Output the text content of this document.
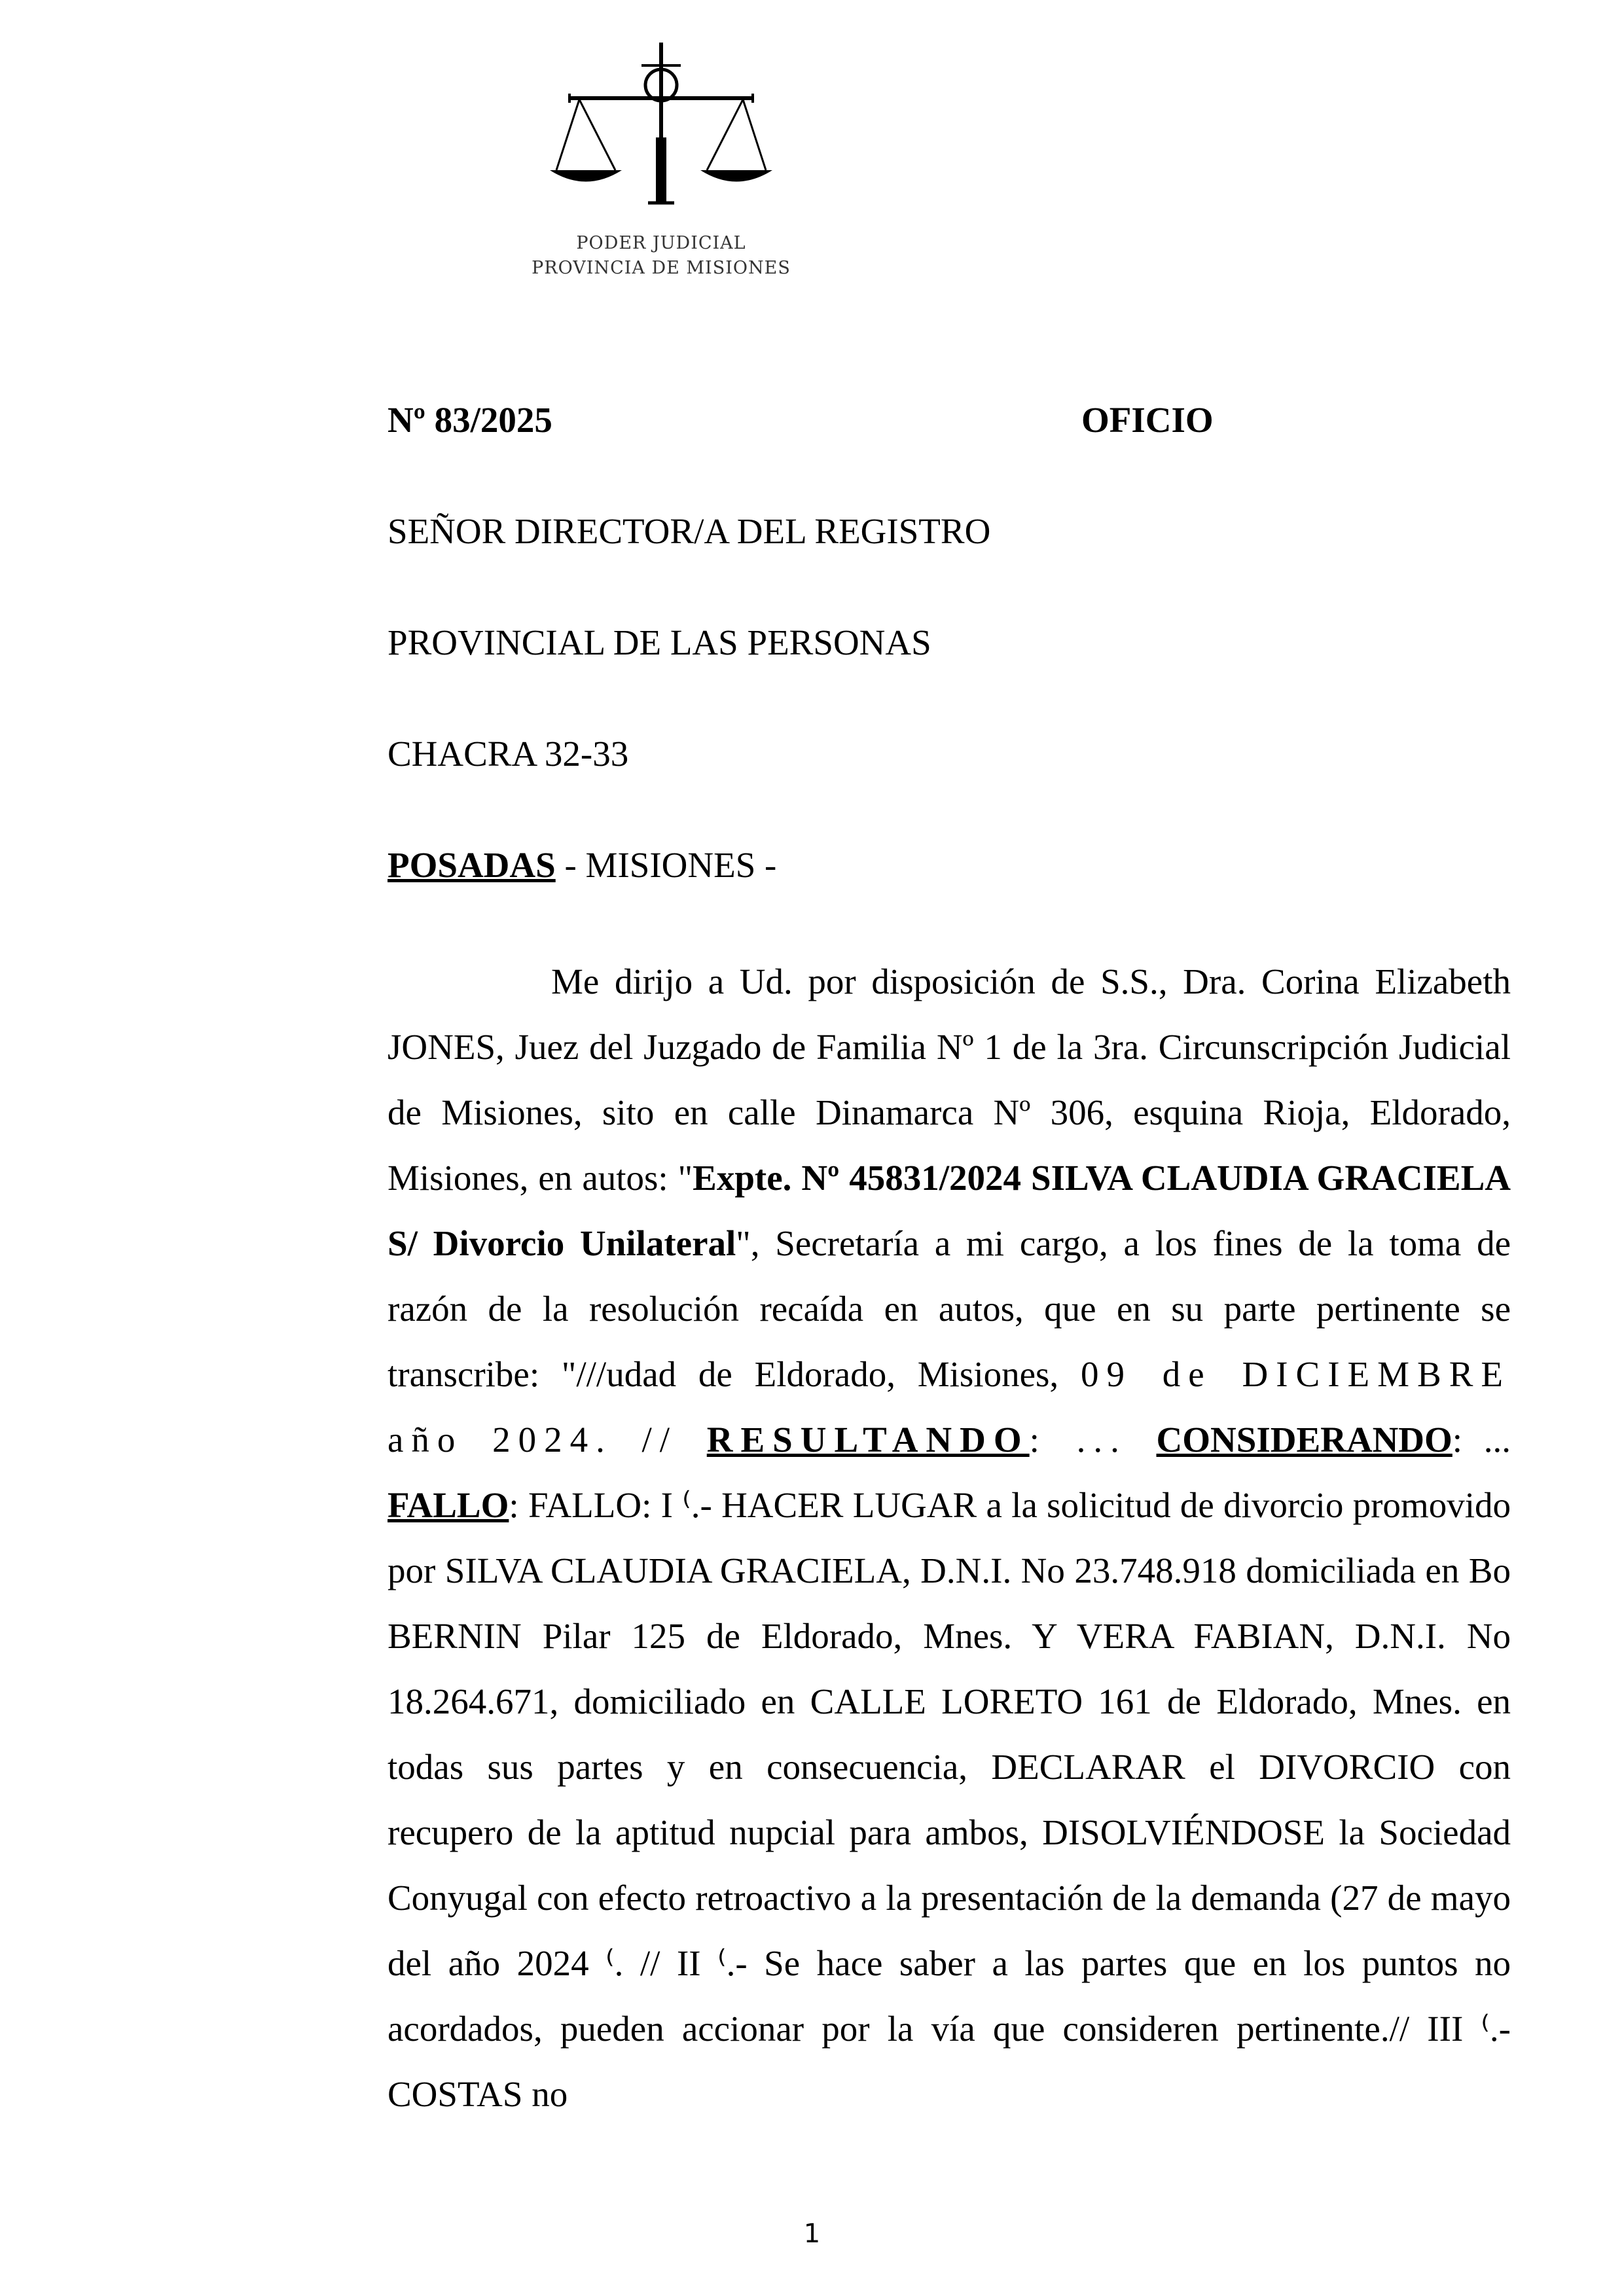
PODER JUDICIAL
PROVINCIA DE MISIONES
Nº 83/2025	OFICIO
SEÑOR DIRECTOR/A DEL REGISTRO
PROVINCIAL DE LAS PERSONAS
CHACRA 32-33
POSADAS - MISIONES -
Me dirijo a Ud. por disposición de S.S., Dra. Corina Elizabeth JONES, Juez del Juzgado de Familia Nº 1 de la 3ra. Circunscripción Judicial de Misiones, sito en calle Dinamarca Nº 306, esquina Rioja, Eldorado, Misiones, en autos: "Expte. Nº 45831/2024 SILVA CLAUDIA GRACIELA S/ Divorcio Unilateral", Secretaría a mi cargo, a los fines de la toma de razón de la resolución recaída en autos, que en su parte pertinente se transcribe: "///udad de Eldorado, Misiones, 09 de DICIEMBRE año 2024. // RESULTANDO: ... CONSIDERANDO: ... FALLO: FALLO: I ⁽.- HACER LUGAR a la solicitud de divorcio promovido por SILVA CLAUDIA GRACIELA, D.N.I. No 23.748.918 domiciliada en Bo BERNIN Pilar 125 de Eldorado, Mnes. Y VERA FABIAN, D.N.I. No 18.264.671, domiciliado en CALLE LORETO 161 de Eldorado, Mnes. en todas sus partes y en consecuencia, DECLARAR el DIVORCIO con recupero de la aptitud nupcial para ambos, DISOLVIÉNDOSE la Sociedad Conyugal con efecto retroactivo a la presentación de la demanda (27 de mayo del año 2024 ⁽. // II ⁽.- Se hace saber a las partes que en los puntos no acordados, pueden accionar por la vía que consideren pertinente.// III ⁽.- COSTAS no
1
